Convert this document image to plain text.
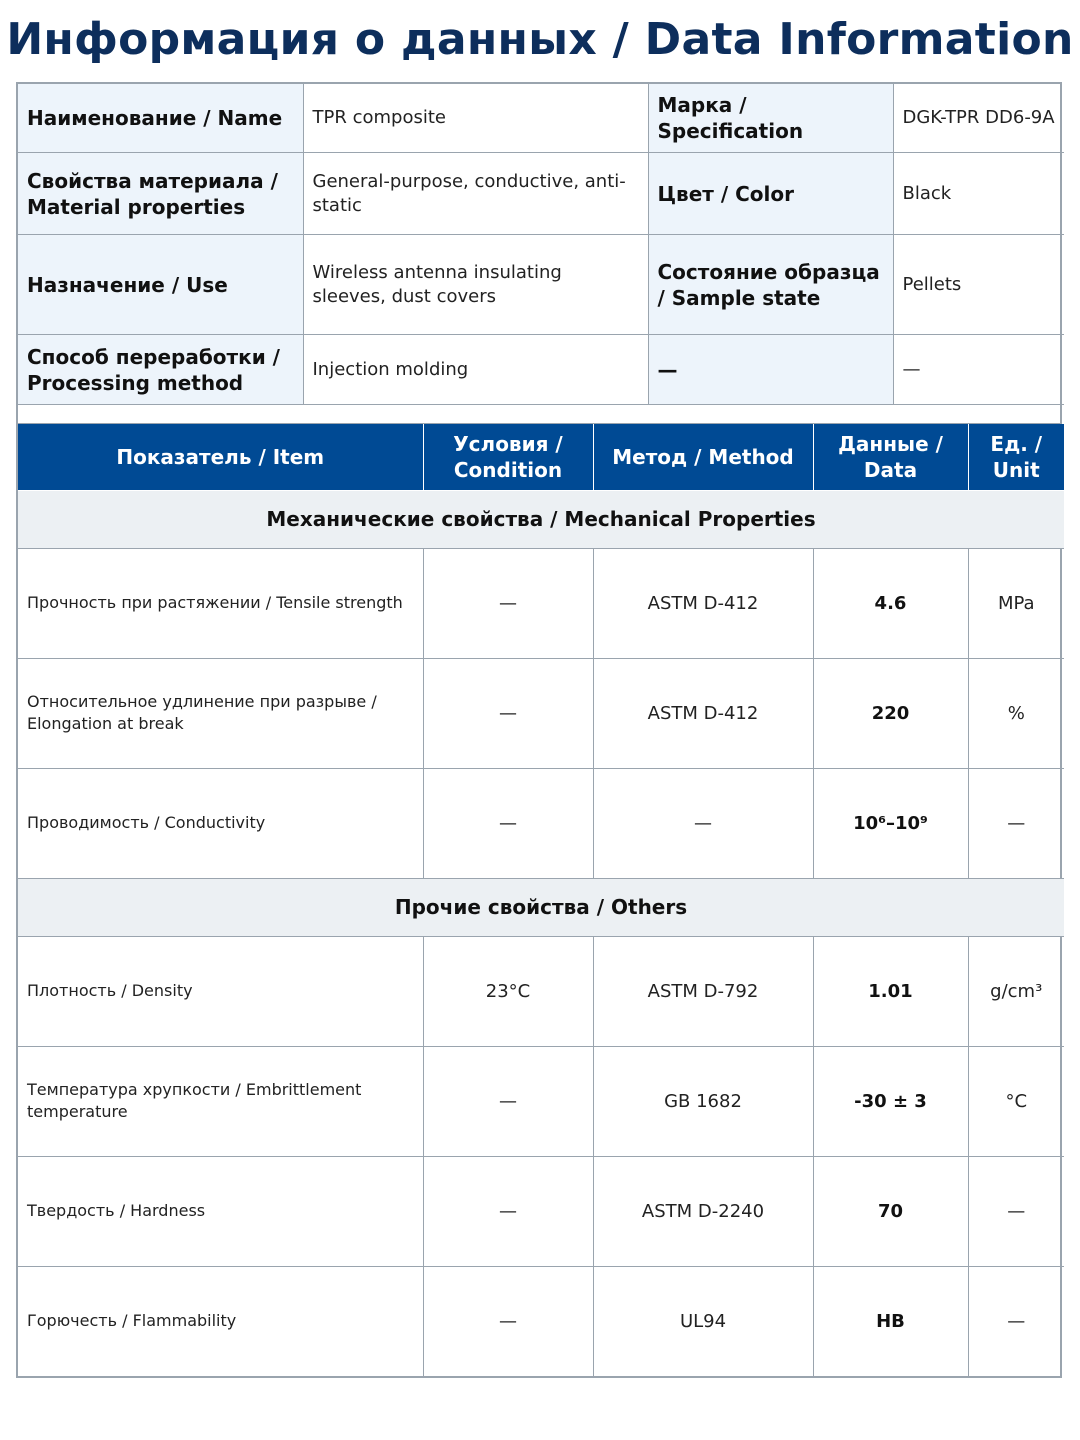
Информация о данных / Data Information
Наименование / Name	TPR composite	Марка / Specification	DGK-TPR DD6-9A
Свойства материала / Material properties	General-purpose, conductive, anti-static	Цвет / Color	Black
Назначение / Use	Wireless antenna insulating sleeves, dust covers	Состояние образца / Sample state	Pellets
Способ переработки / Processing method	Injection molding	—	—
Показатель / Item	Условия / Condition	Метод / Method	Данные / Data	Ед. / Unit
Механические свойства / Mechanical Properties				
Прочность при растяжении / Tensile strength	—	ASTM D-412	4.6	MPa
Относительное удлинение при разрыве / Elongation at break	—	ASTM D-412	220	%
Проводимость / Conductivity	—	—	10⁶–10⁹	—
Прочие свойства / Others				
Плотность / Density	23°C	ASTM D-792	1.01	g/cm³
Температура хрупкости / Embrittlement temperature	—	GB 1682	-30 ± 3	°C
Твердость / Hardness	—	ASTM D-2240	70	—
Горючесть / Flammability	—	UL94	HB	—
